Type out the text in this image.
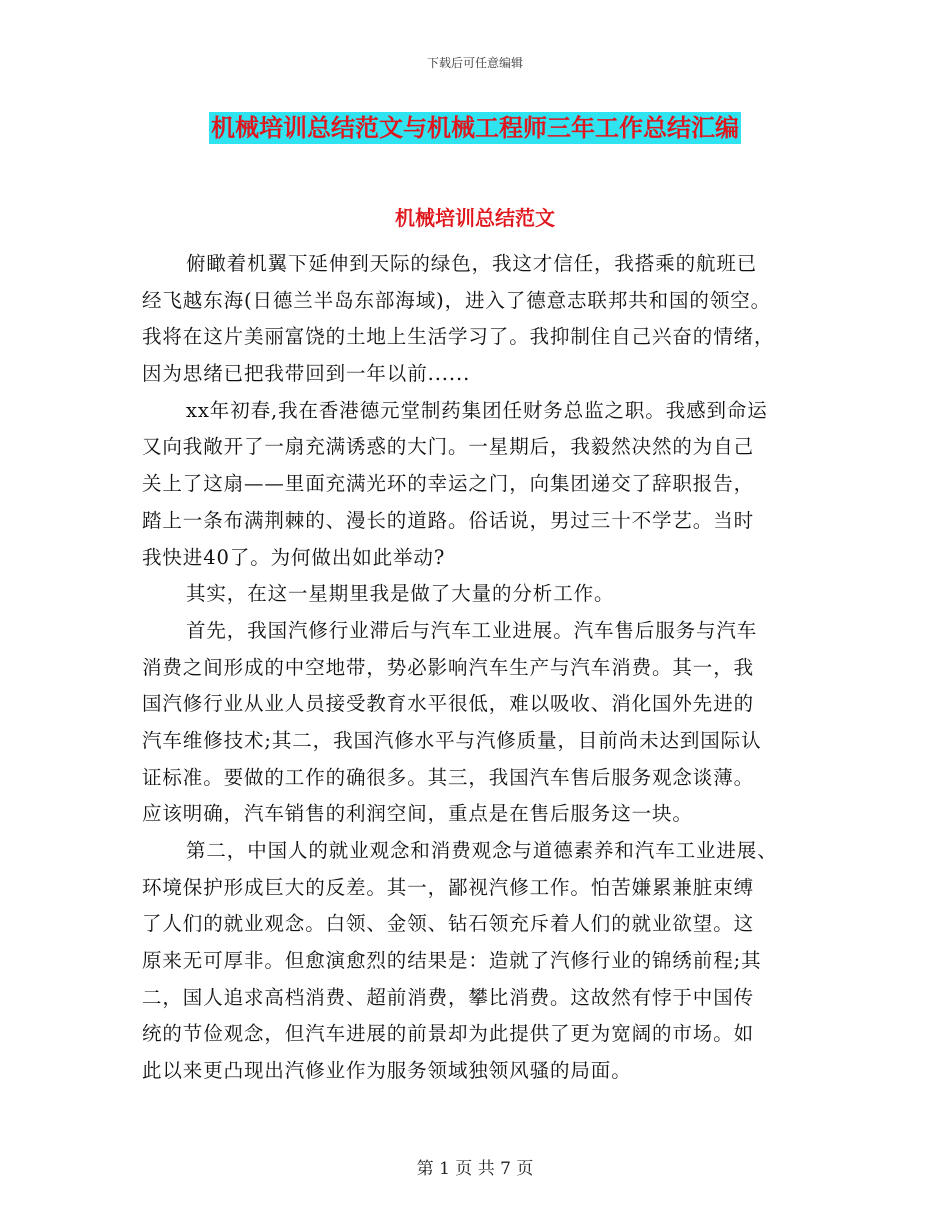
下载后可任意编辑
机械培训总结范文与机械工程师三年工作总结汇编
机械培训总结范文
俯瞰着机翼下延伸到天际的绿色，我这才信任，我搭乘的航班已
经飞越东海(日德兰半岛东部海域)，进入了德意志联邦共和国的领空。
我将在这片美丽富饶的土地上生活学习了。我抑制住自己兴奋的情绪，
因为思绪已把我带回到一年以前......
xx年初春,我在香港德元堂制药集团任财务总监之职。我感到命运
又向我敞开了一扇充满诱惑的大门。一星期后，我毅然决然的为自己
关上了这扇——里面充满光环的幸运之门，向集团递交了辞职报告，
踏上一条布满荆棘的、漫长的道路。俗话说，男过三十不学艺。当时
我快进40了。为何做出如此举动?
其实，在这一星期里我是做了大量的分析工作。
首先，我国汽修行业滞后与汽车工业进展。汽车售后服务与汽车
消费之间形成的中空地带，势必影响汽车生产与汽车消费。其一，我
国汽修行业从业人员接受教育水平很低，难以吸收、消化国外先进的
汽车维修技术;其二，我国汽修水平与汽修质量，目前尚未达到国际认
证标准。要做的工作的确很多。其三，我国汽车售后服务观念谈薄。
应该明确，汽车销售的利润空间，重点是在售后服务这一块。
第二，中国人的就业观念和消费观念与道德素养和汽车工业进展、
环境保护形成巨大的反差。其一，鄙视汽修工作。怕苦嫌累兼脏束缚
了人们的就业观念。白领、金领、钻石领充斥着人们的就业欲望。这
原来无可厚非。但愈演愈烈的结果是：造就了汽修行业的锦绣前程;其
二，国人追求高档消费、超前消费，攀比消费。这故然有悖于中国传
统的节俭观念，但汽车进展的前景却为此提供了更为宽阔的市场。如
此以来更凸现出汽修业作为服务领域独领风骚的局面。
第 1 页 共 7 页
